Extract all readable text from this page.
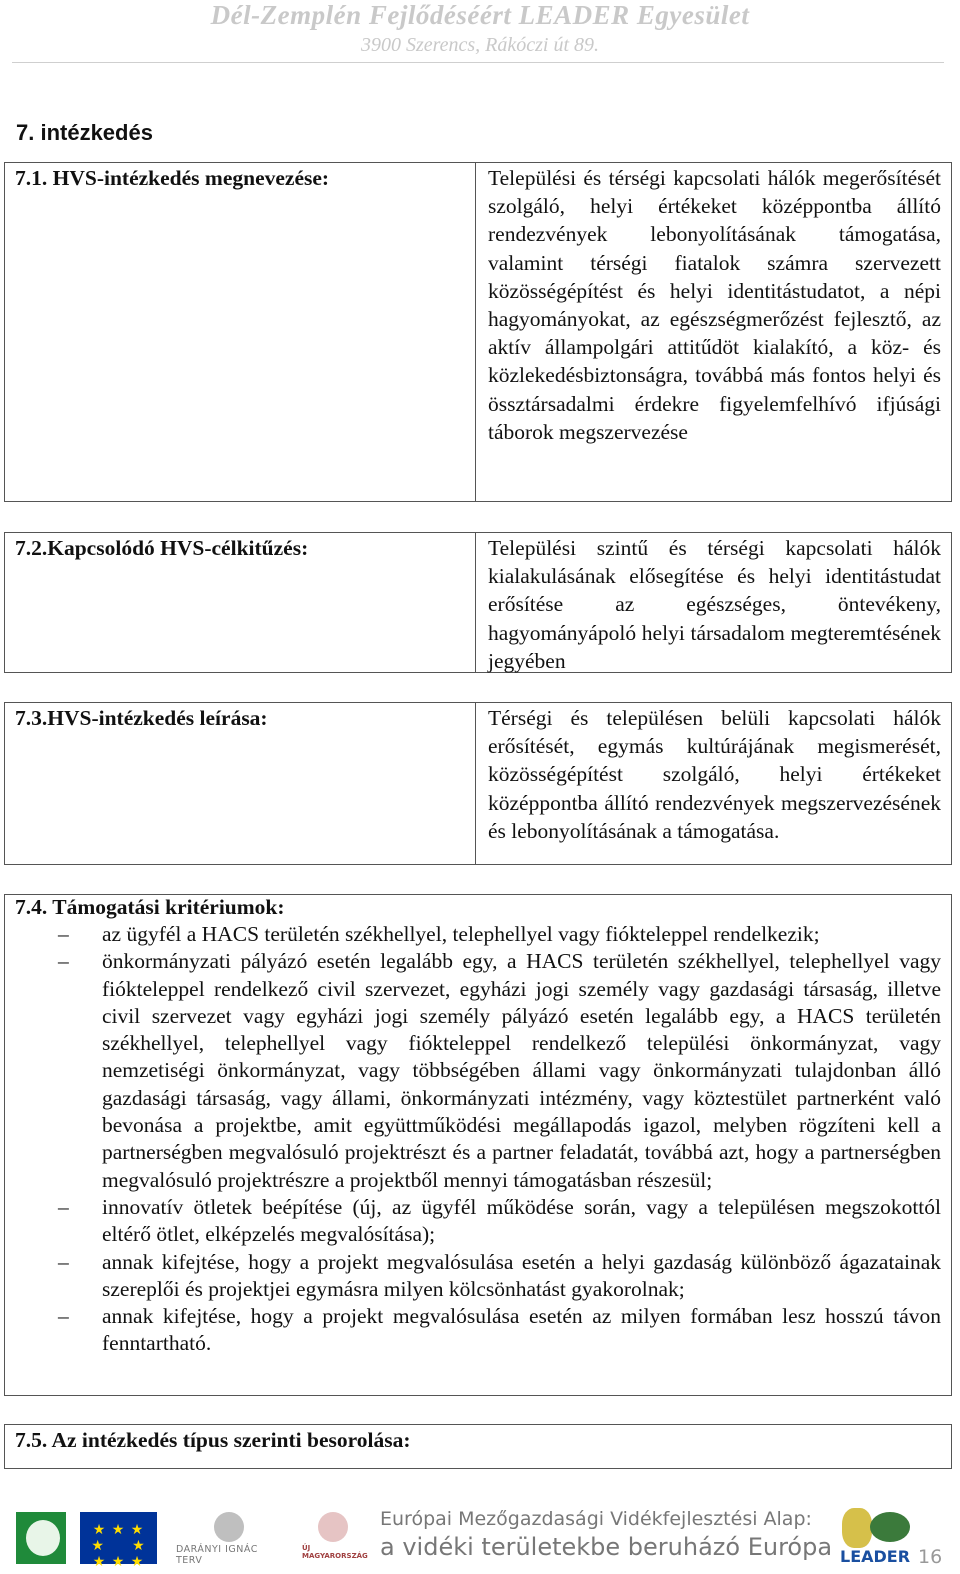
Dél-Zemplén Fejlődéséért LEADER Egyesület
3900 Szerencs, Rákóczi út 89.
7. intézkedés
7.1. HVS-intézkedés megnevezése:	Települési és térségi kapcsolati hálók megerősítését szolgáló, helyi értékeket középpontba állító rendezvények lebonyolításának támogatása, valamint térségi fiatalok számra szervezett közösségépítést és helyi identitástudatot, a népi hagyományokat, az egészségmerőzést fejlesztő, az aktív állampolgári attitűdöt kialakító, a köz- és közlekedésbiztonságra, továbbá más fontos helyi és össztársadalmi érdekre figyelemfelhívó ifjúsági táborok megszervezése
7.2.Kapcsolódó HVS-célkitűzés:	Települési szintű és térségi kapcsolati hálók kialakulásának elősegítése és helyi identitástudat erősítése az egészséges, öntevékeny, hagyományápoló helyi társadalom megteremtésének jegyében
7.3.HVS-intézkedés leírása:	Térségi és településen belüli kapcsolati hálók erősítését, egymás kultúrájának megismerését, közösségépítést szolgáló, helyi értékeket középpontba állító rendezvények megszervezésének és lebonyolításának a támogatása.
7.4. Támogatási kritériumok:
– az ügyfél a HACS területén székhellyel, telephellyel vagy fiókteleppel rendelkezik;
– önkormányzati pályázó esetén legalább egy, a HACS területén székhellyel, telephellyel vagy fiókteleppel rendelkező civil szervezet, egyházi jogi személy vagy gazdasági társaság, illetve civil szervezet vagy egyházi jogi személy pályázó esetén legalább egy, a HACS területén székhellyel, telephellyel vagy fiókteleppel rendelkező települési önkormányzat, vagy nemzetiségi önkormányzat, vagy többségében állami vagy önkormányzati tulajdonban álló gazdasági társaság, vagy állami, önkormányzati intézmény, vagy köztestület partnerként való bevonása a projektbe, amit együttműködési megállapodás igazol, melyben rögzíteni kell a partnerségben megvalósuló projektrészt és a partner feladatát, továbbá azt, hogy a partnerségben megvalósuló projektrészre a projektből mennyi támogatásban részesül;
– innovatív ötletek beépítése (új, az ügyfél működése során, vagy a településen megszokottól eltérő ötlet, elképzelés megvalósítása);
– annak kifejtése, hogy a projekt megvalósulása esetén a helyi gazdaság különböző ágazatainak szereplői és projektjei egymásra milyen kölcsönhatást gyakorolnak;
– annak kifejtése, hogy a projekt megvalósulása esetén az milyen formában lesz hosszú távon fenntartható.
7.5. Az intézkedés típus szerinti besorolása:
★ ★ ★
★     ★
★ ★ ★
DARÁNYI IGNÁC TERV
ÚJ MAGYARORSZÁG
Európai Mezőgazdasági Vidékfejlesztési Alap:
a vidéki területekbe beruházó Európa LEADER 16
